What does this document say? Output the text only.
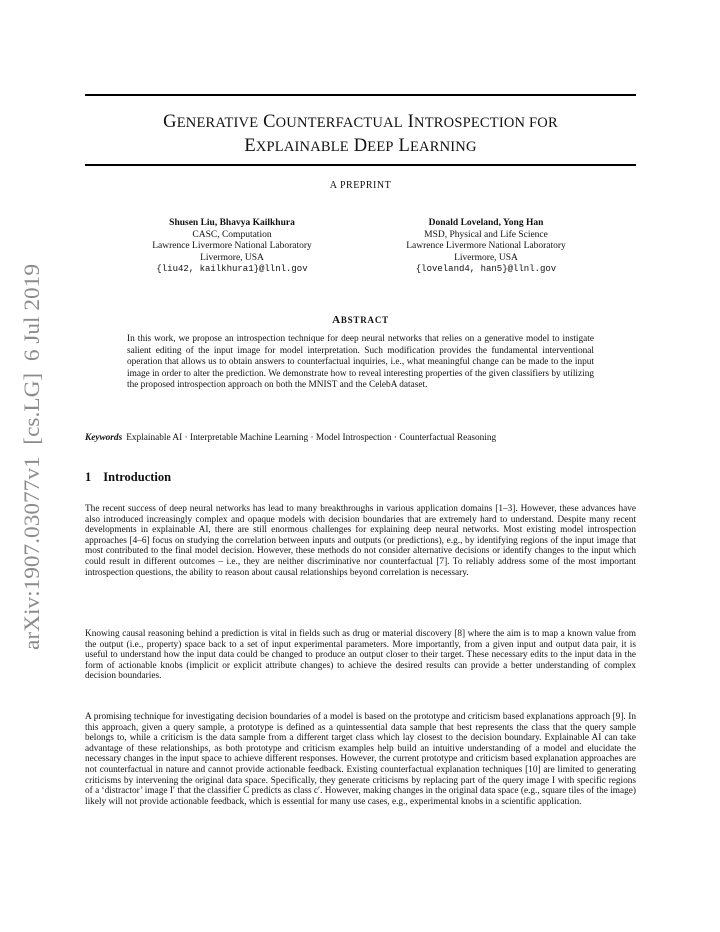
arXiv:1907.03077v1  [cs.LG]  6 Jul 2019
GENERATIVE COUNTERFACTUAL INTROSPECTION FOR
EXPLAINABLE DEEP LEARNING
A PREPRINT
Shusen Liu, Bhavya Kailkhura
CASC, Computation
Lawrence Livermore National Laboratory
Livermore, USA
{liu42, kailkhura1}@llnl.gov
Donald Loveland, Yong Han
MSD, Physical and Life Science
Lawrence Livermore National Laboratory
Livermore, USA
{loveland4, han5}@llnl.gov
ABSTRACT
In this work, we propose an introspection technique for deep neural networks that relies on a generative model to instigate salient editing of the input image for model interpretation. Such modification provides the fundamental interventional operation that allows us to obtain answers to counterfactual inquiries, i.e., what meaningful change can be made to the input image in order to alter the prediction. We demonstrate how to reveal interesting properties of the given classifiers by utilizing the proposed introspection approach on both the MNIST and the CelebA dataset.
Keywords Explainable AI · Interpretable Machine Learning · Model Introspection · Counterfactual Reasoning
1 Introduction

The recent success of deep neural networks has lead to many breakthroughs in various application domains [1–3]. However, these advances have also introduced increasingly complex and opaque models with decision boundaries that are extremely hard to understand. Despite many recent developments in explainable AI, there are still enormous challenges for explaining deep neural networks. Most existing model introspection approaches [4–6] focus on studying the correlation between inputs and outputs (or predictions), e.g., by identifying regions of the input image that most contributed to the final model decision. However, these methods do not consider alternative decisions or identify changes to the input which could result in different outcomes – i.e., they are neither discriminative nor counterfactual [7]. To reliably address some of the most important introspection questions, the ability to reason about causal relationships beyond correlation is necessary.

Knowing causal reasoning behind a prediction is vital in fields such as drug or material discovery [8] where the aim is to map a known value from the output (i.e., property) space back to a set of input experimental parameters. More importantly, from a given input and output data pair, it is useful to understand how the input data could be changed to produce an output closer to their target. These necessary edits to the input data in the form of actionable knobs (implicit or explicit attribute changes) to achieve the desired results can provide a better understanding of complex decision boundaries.

A promising technique for investigating decision boundaries of a model is based on the prototype and criticism based explanations approach [9]. In this approach, given a query sample, a prototype is defined as a quintessential data sample that best represents the class that the query sample belongs to, while a criticism is the data sample from a different target class which lay closest to the decision boundary. Explainable AI can take advantage of these relationships, as both prototype and criticism examples help build an intuitive understanding of a model and elucidate the necessary changes in the input space to achieve different responses. However, the current prototype and criticism based explanation approaches are not counterfactual in nature and cannot provide actionable feedback. Existing counterfactual explanation techniques [10] are limited to generating criticisms by intervening the original data space. Specifically, they generate criticisms by replacing part of the query image I with specific regions of a ‘distractor’ image I′ that the classifier C predicts as class c′. However, making changes in the original data space (e.g., square tiles of the image) likely will not provide actionable feedback, which is essential for many use cases, e.g., experimental knobs in a scientific application.
